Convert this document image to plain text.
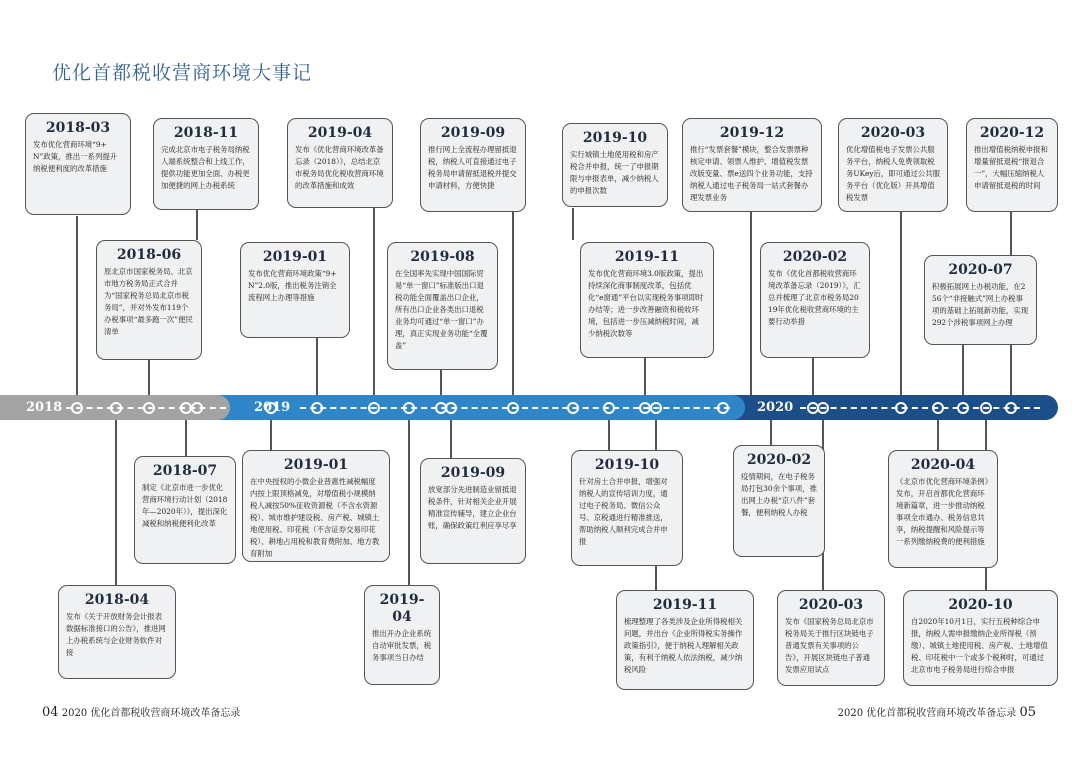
优化首都税收营商环境大事记
2018	2019	2020
2018-03
发布优化营商环境“9+N”政策，推出一系列提升纳税便利度的改革措施
2018-11
完成北京市电子税务局纳税人端系统整合和上线工作，提供功能更加全面、办税更加便捷的网上办税系统
2018-06
原北京市国家税务局、北京市地方税务局正式合并为“国家税务总局北京市税务局”，并对外发布119个办税事项“最多跑一次”便民清单
2019-04
发布《优化营商环境改革备忘录（2018）》，总结北京市税务局优化税收营商环境的改革措施和成效
2019-01
发布优化营商环境政策“9+N”2.0版，推出税务注销全流程网上办理等措施
2019-09
推行网上全流程办理留抵退税，纳税人可直接通过电子税务局申请留抵退税并提交申请材料，方便快捷
2019-08
在全国率先实现中国国际贸易“单一窗口”标准版出口退税功能全面覆盖出口企业，所有出口企业各类出口退税业务均可通过“单一窗口”办理，真正实现业务功能“全覆盖”
2019-10
实行城镇土地使用税和房产税合并申报，统一了申报期限与申报表单，减少纳税人的申报次数
2019-11
发布优化营商环境3.0版政策，提出持续深化商事制度改革，包括优化“e窗通”平台以实现税务事项即时办结等；进一步改善融资和税收环境，包括进一步压减纳税时间，减少纳税次数等
2019-12
推行“发票套餐”模块，整合发票票种核定申请、领票人维护、增值税发票改版变量、票e送四个业务功能，支持纳税人通过电子税务局一站式套餐办理发票业务
2020-02
发布《优化首都税收营商环境改革备忘录（2019）》，汇总并梳理了北京市税务局2019年优化税收营商环境的主要行动举措
2020-03
优化增值税电子发票公共服务平台，纳税人免费领取税务UKey后，即可通过公共服务平台（优化版）开具增值税发票
2020-12
推出增值税纳税申报和增量留抵退税“报退合一”，大幅压缩纳税人申请留抵退税的时间
2020-07
积极拓展网上办税功能，在256个“非接触式”网上办税事项的基础上拓展新功能，实现292个涉税事项网上办理
2018-07
制定《北京市进一步优化营商环境行动计划（2018年—2020年）》，提出深化减税和纳税便利化改革
2018-04
发布《关于开放财务会计报表数据标准接口的公告》，推进网上办税系统与企业财务软件对接
2019-01
在中央授权的小微企业普惠性减税幅度内按上限顶格减免，对增值税小规模纳税人减按50%征收资源税（不含水资源税）、城市维护建设税、房产税、城镇土地使用税、印花税（不含证券交易印花税）、耕地占用税和教育费附加、地方教育附加
2019-09
放宽部分先进制造业留抵退税条件，针对相关企业开展精准宣传辅导，建立企业台账，确保政策红利应享尽享
2019-04
推出开办企业系统自动审批发票，税务事项当日办结
2019-10
针对房土合并申报，增强对纳税人的宣传培训力度，通过电子税务局、微信公众号、京税通进行精准推送，帮助纳税人顺利完成合并申报
2019-11
梳理整理了各类涉及企业所得税相关问题，并出台《企业所得税实务操作政策指引》，便于纳税人理解相关政策，有利于纳税人依法纳税，减少纳税风险
2020-02
疫情期间，在电子税务局打包30余个事项，推出网上办税“京八件”套餐，便利纳税人办税
2020-03
发布《国家税务总局北京市税务局关于推行区块链电子普通发票有关事项的公告》，开展区块链电子普通发票应用试点
2020-04
《北京市优化营商环境条例》发布，开启首都优化营商环境新篇章，进一步推动纳税事项全市通办、税务信息共享，纳税提醒和风险提示等一系列缴纳税费的便利措施
2020-10
自2020年10月1日，实行五税种综合申报，纳税人需申报缴纳企业所得税（预缴）、城镇土地使用税、房产税、土地增值税、印花税中一个或多个税种时，可通过北京市电子税务局进行综合申报
04 2020 优化首都税收营商环境改革备忘录	2020 优化首都税收营商环境改革备忘录 05
